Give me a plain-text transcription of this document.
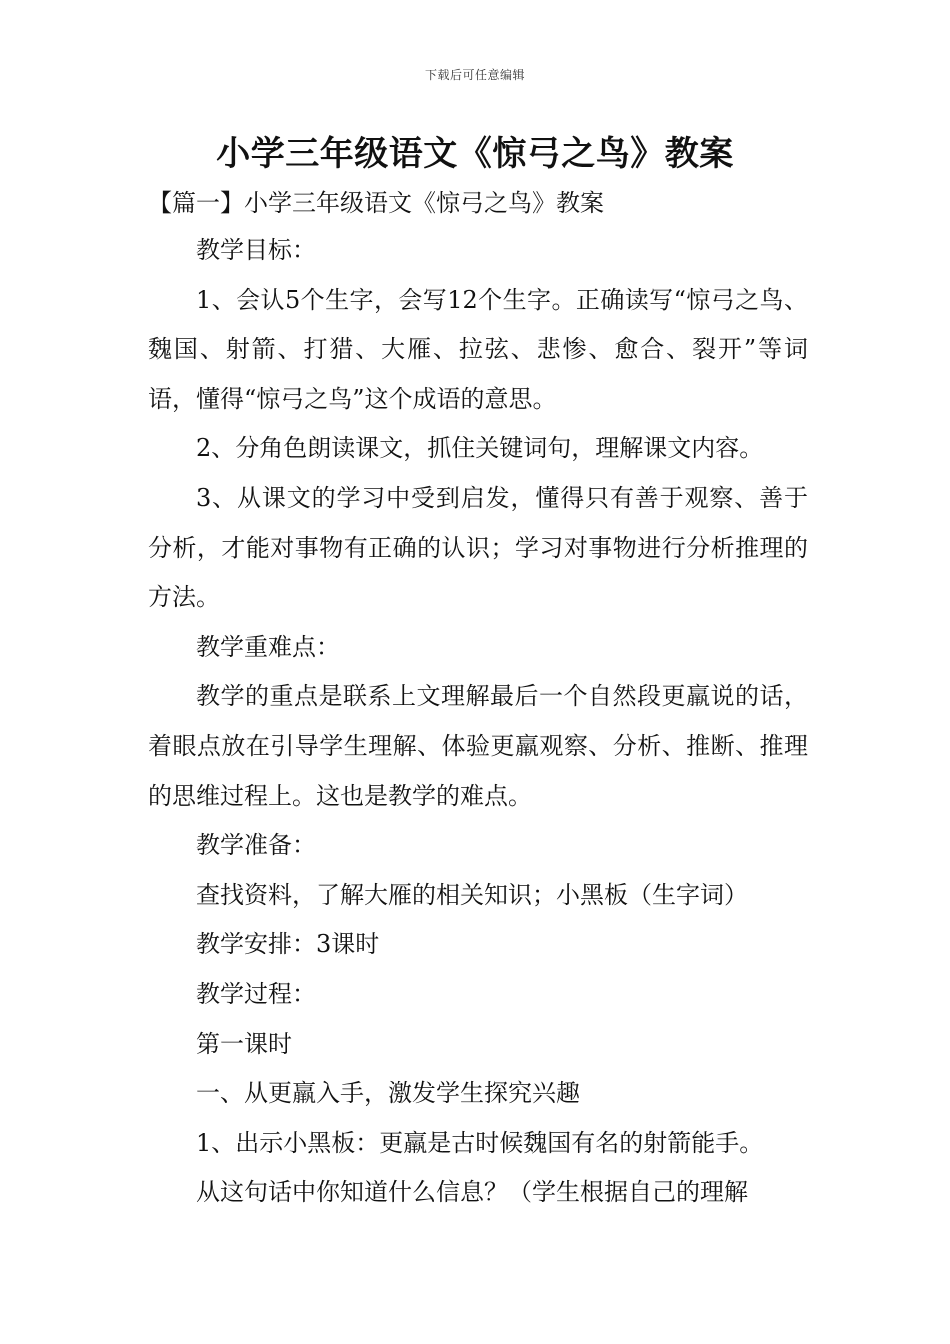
下载后可任意编辑
小学三年级语文《惊弓之鸟》教案
【篇一】小学三年级语文《惊弓之鸟》教案

教学目标：

1、会认5个生字，会写12个生字。正确读写“惊弓之鸟、魏国、射箭、打猎、大雁、拉弦、悲惨、愈合、裂开”等词语，懂得“惊弓之鸟”这个成语的意思。

2、分角色朗读课文，抓住关键词句，理解课文内容。

3、从课文的学习中受到启发，懂得只有善于观察、善于分析，才能对事物有正确的认识；学习对事物进行分析推理的方法。

教学重难点：

教学的重点是联系上文理解最后一个自然段更羸说的话，着眼点放在引导学生理解、体验更羸观察、分析、推断、推理的思维过程上。这也是教学的难点。

教学准备：

查找资料，了解大雁的相关知识；小黑板（生字词）

教学安排：3课时

教学过程：

第一课时

一、从更羸入手，激发学生探究兴趣

1、出示小黑板：更羸是古时候魏国有名的射箭能手。

从这句话中你知道什么信息？（学生根据自己的理解
